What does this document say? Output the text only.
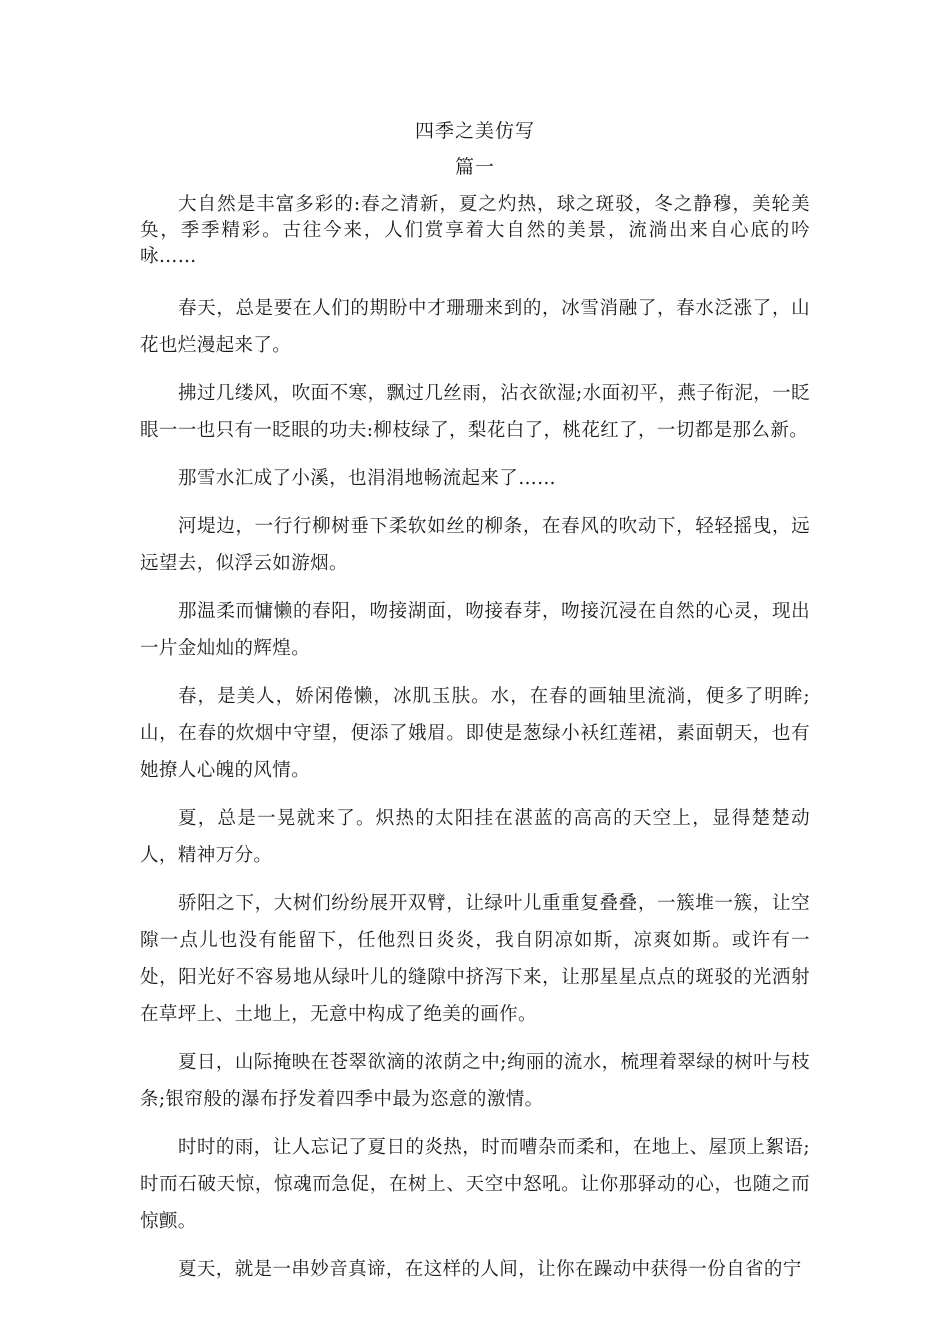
四季之美仿写
篇一

大自然是丰富多彩的:春之清新，夏之灼热，球之斑驳，冬之静穆，美轮美奂，季季精彩。古往今来，人们赏享着大自然的美景，流淌出来自心底的吟咏……

春天，总是要在人们的期盼中才珊珊来到的，冰雪消融了，春水泛涨了，山花也烂漫起来了。

拂过几缕风，吹面不寒，飘过几丝雨，沾衣欲湿;水面初平，燕子衔泥，一眨眼一一也只有一眨眼的功夫:柳枝绿了，梨花白了，桃花红了，一切都是那么新。

那雪水汇成了小溪，也涓涓地畅流起来了……

河堤边，一行行柳树垂下柔软如丝的柳条，在春风的吹动下，轻轻摇曳，远远望去，似浮云如游烟。

那温柔而慵懒的春阳，吻接湖面，吻接春芽，吻接沉浸在自然的心灵，现出一片金灿灿的辉煌。

春，是美人，娇闲倦懒，冰肌玉肤。水，在春的画轴里流淌，便多了明眸;山，在春的炊烟中守望，便添了娥眉。即使是葱绿小袄红莲裙，素面朝天，也有她撩人心魄的风情。

夏，总是一晃就来了。炽热的太阳挂在湛蓝的高高的天空上，显得楚楚动人，精神万分。

骄阳之下，大树们纷纷展开双臂，让绿叶儿重重复叠叠，一簇堆一簇，让空隙一点儿也没有能留下，任他烈日炎炎，我自阴凉如斯，凉爽如斯。或许有一处，阳光好不容易地从绿叶儿的缝隙中挤泻下来，让那星星点点的斑驳的光洒射在草坪上、土地上，无意中构成了绝美的画作。

夏日，山际掩映在苍翠欲滴的浓荫之中;绚丽的流水，梳理着翠绿的树叶与枝条;银帘般的瀑布抒发着四季中最为恣意的激情。

时时的雨，让人忘记了夏日的炎热，时而嘈杂而柔和，在地上、屋顶上絮语;时而石破天惊，惊魂而急促，在树上、天空中怒吼。让你那驿动的心，也随之而惊颤。

夏天，就是一串妙音真谛，在这样的人间，让你在躁动中获得一份自省的宁
